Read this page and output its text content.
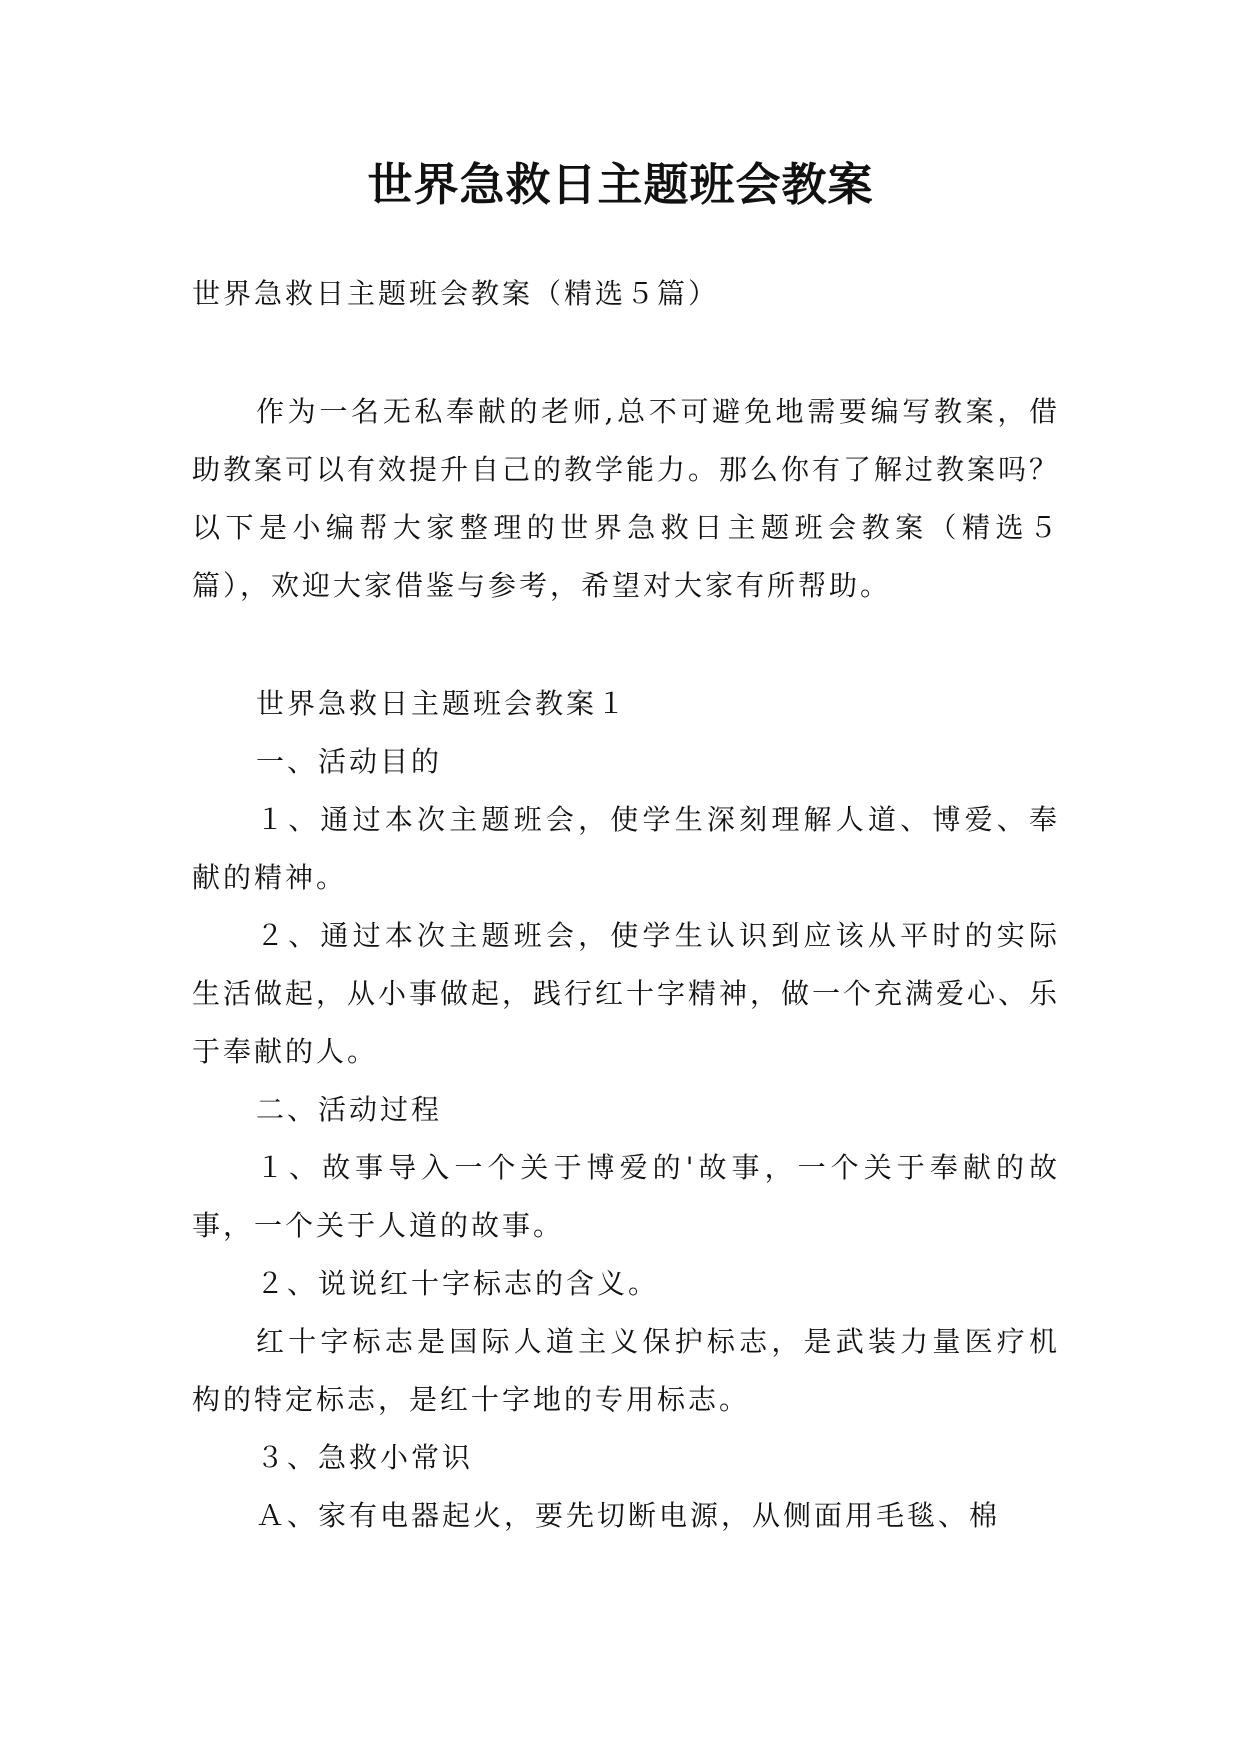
世界急救日主题班会教案

世界急救日主题班会教案（精选５篇）

作为一名无私奉献的老师,总不可避免地需要编写教案，借助教案可以有效提升自己的教学能力。那么你有了解过教案吗？以下是小编帮大家整理的世界急救日主题班会教案（精选５篇），欢迎大家借鉴与参考，希望对大家有所帮助。

世界急救日主题班会教案１

一、活动目的

１、通过本次主题班会，使学生深刻理解人道、博爱、奉献的精神。

２、通过本次主题班会，使学生认识到应该从平时的实际生活做起，从小事做起，践行红十字精神，做一个充满爱心、乐于奉献的人。

二、活动过程

１、故事导入一个关于博爱的'故事，一个关于奉献的故事，一个关于人道的故事。

２、说说红十字标志的含义。

红十字标志是国际人道主义保护标志，是武装力量医疗机构的特定标志，是红十字地的专用标志。

３、急救小常识

Ａ、家有电器起火，要先切断电源，从侧面用毛毯、棉
